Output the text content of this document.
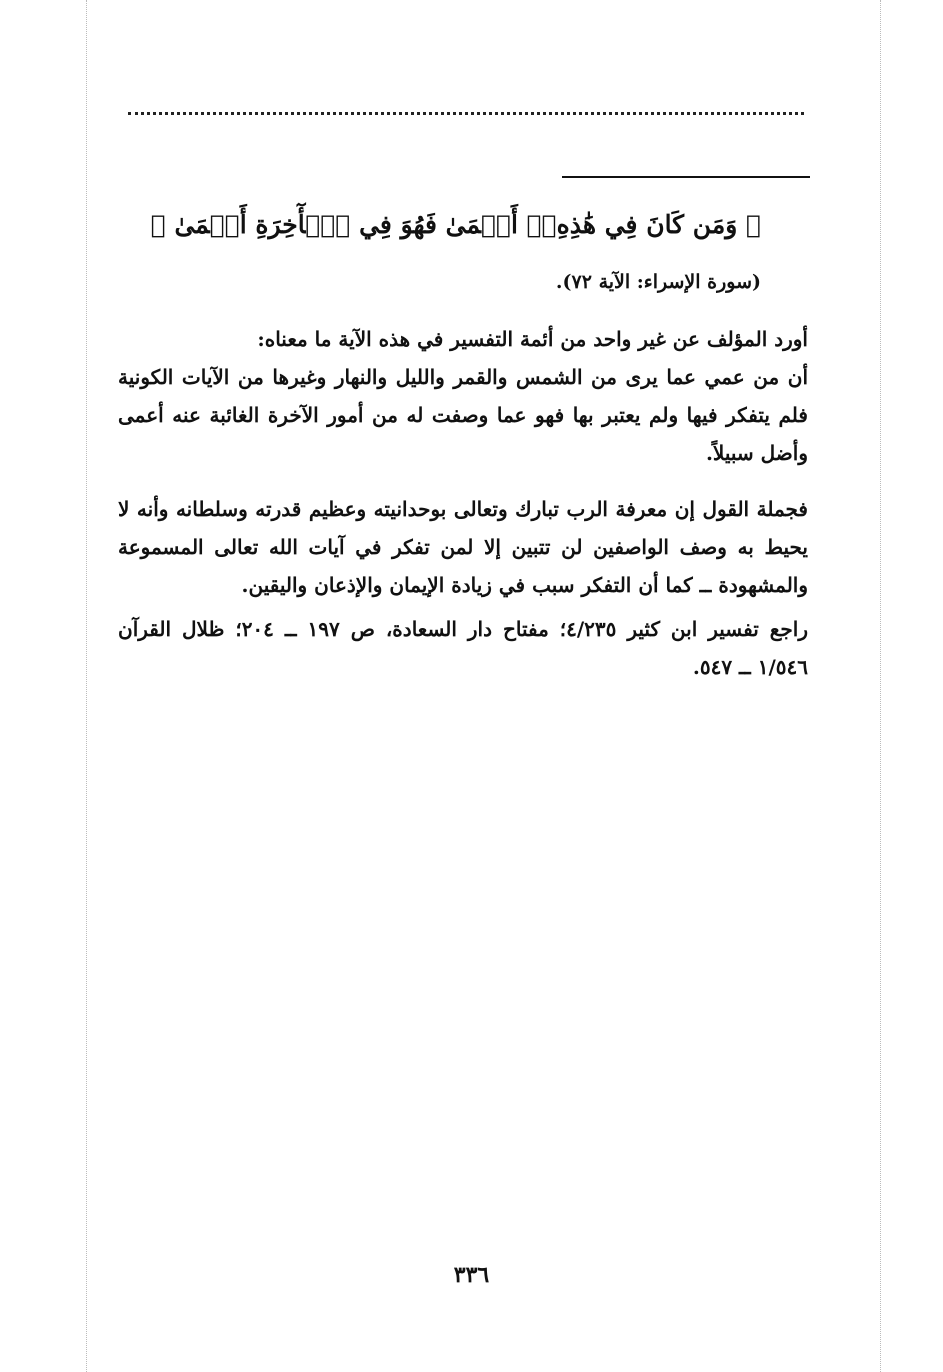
﴿ وَمَن كَانَ فِي هَٰذِهِۦٓ أَعۡمَىٰ فَهُوَ فِي ٱلۡأٓخِرَةِ أَعۡمَىٰ ﴾
(سورة الإسراء: الآية ٧٢).
أورد المؤلف عن غير واحد من أئمة التفسير في هذه الآية ما معناه:
أن من عمي عما يرى من الشمس والقمر والليل والنهار وغيرها من الآيات الكونية فلم يتفكر فيها ولم يعتبر بها فهو عما وصفت له من أمور الآخرة الغائبة عنه أعمى وأضل سبيلاً.
فجملة القول إن معرفة الرب تبارك وتعالى بوحدانيته وعظيم قدرته وسلطانه وأنه لا يحيط به وصف الواصفين لن تتبين إلا لمن تفكر في آيات الله تعالى المسموعة والمشهودة ــ كما أن التفكر سبب في زيادة الإيمان والإذعان واليقين.
راجع تفسير ابن كثير ٤/٢٣٥؛ مفتاح دار السعادة، ص ١٩٧ ــ ٢٠٤؛ ظلال القرآن ١/٥٤٦ ــ ٥٤٧.
٣٣٦
